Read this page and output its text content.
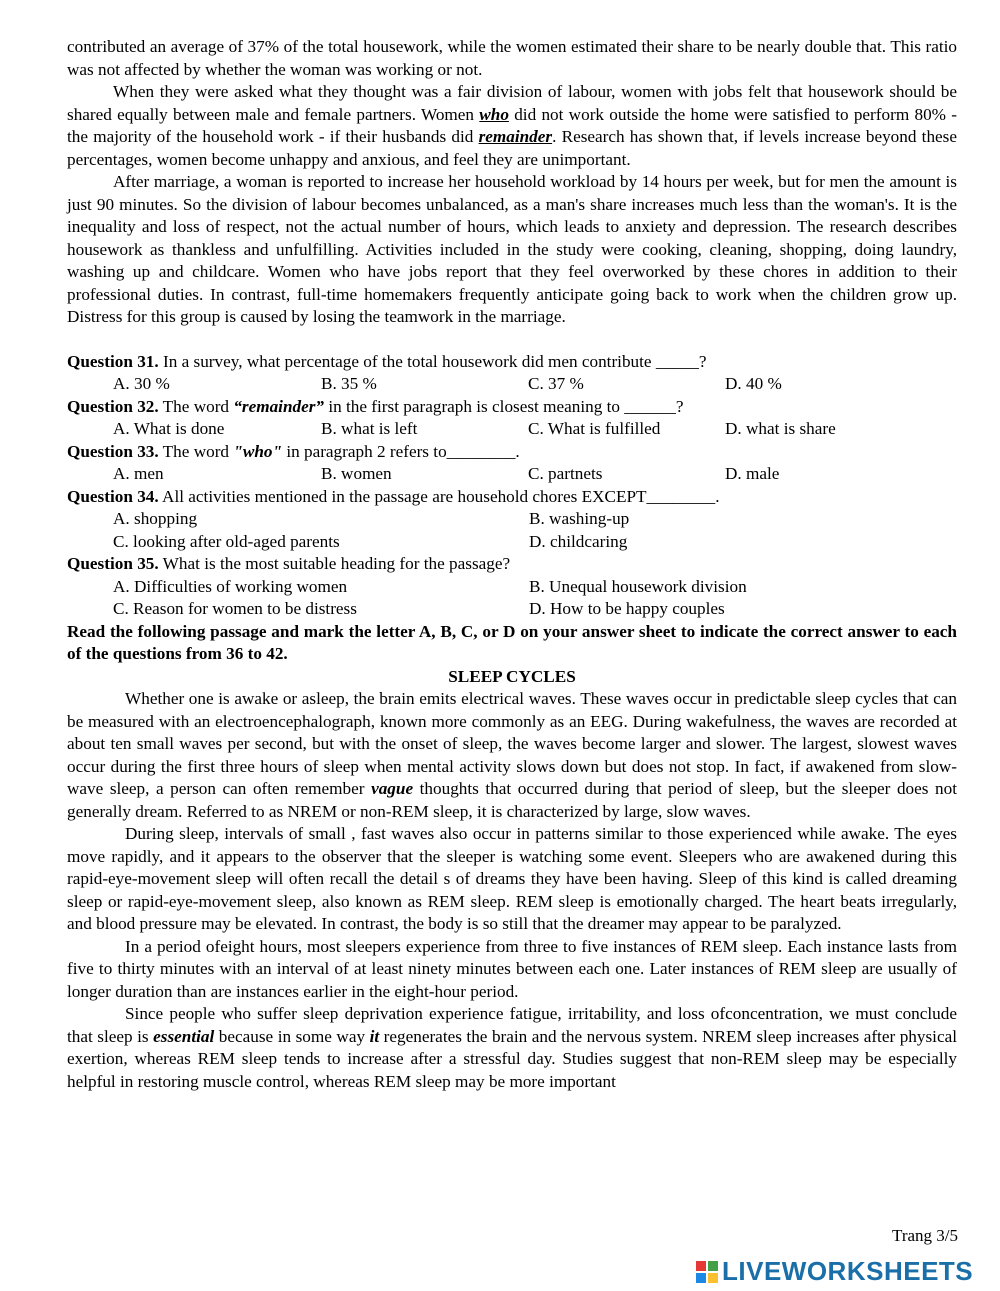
contributed an average of 37% of the total housework, while the women estimated their share to be nearly double that. This ratio was not affected by whether the woman was working or not.

When they were asked what they thought was a fair division of labour, women with jobs felt that housework should be shared equally between male and female partners. Women who did not work outside the home were satisfied to perform 80% - the majority of the household work - if their husbands did remainder. Research has shown that, if levels increase beyond these percentages, women become unhappy and anxious, and feel they are unimportant.

After marriage, a woman is reported to increase her household workload by 14 hours per week, but for men the amount is just 90 minutes. So the division of labour becomes unbalanced, as a man's share increases much less than the woman's. It is the inequality and loss of respect, not the actual number of hours, which leads to anxiety and depression. The research describes housework as thankless and unfulfilling. Activities included in the study were cooking, cleaning, shopping, doing laundry, washing up and childcare. Women who have jobs report that they feel overworked by these chores in addition to their professional duties. In contrast, full-time homemakers frequently anticipate going back to work when the children grow up. Distress for this group is caused by losing the teamwork in the marriage.

Question 31. In a survey, what percentage of the total housework did men contribute _____?

A. 30 %	B. 35 %	C. 37 %	D. 40 %

Question 32. The word “remainder” in the first paragraph is closest meaning to ______?

A. What is done	B. what is left	C. What is fulfilled	D. what is share

Question 33. The word "who" in paragraph 2 refers to________.

A. men	B. women	C. partnets	D. male

Question 34. All activities mentioned in the passage are household chores EXCEPT________.

A. shopping	B. washing-up
C. looking after old-aged parents	D. childcaring

Question 35. What is the most suitable heading for the passage?

A. Difficulties of working women	B. Unequal housework division
C. Reason for women to be distress	D. How to be happy couples

Read the following passage and mark the letter A, B, C, or D on your answer sheet to indicate the correct answer to each of the questions from 36 to 42.

SLEEP CYCLES

Whether one is awake or asleep, the brain emits electrical waves. These waves occur in predictable sleep cycles that can be measured with an electroencephalograph, known more commonly as an EEG. During wakefulness, the waves are recorded at about ten small waves per second, but with the onset of sleep, the waves become larger and slower. The largest, slowest waves occur during the first three hours of sleep when mental activity slows down but does not stop. In fact, if awakened from slow-wave sleep, a person can often remember vague thoughts that occurred during that period of sleep, but the sleeper does not generally dream. Referred to as NREM or non-REM sleep, it is characterized by large, slow waves.

During sleep, intervals of small , fast waves also occur in patterns similar to those experienced while awake. The eyes move rapidly, and it appears to the observer that the sleeper is watching some event. Sleepers who are awakened during this rapid-eye-movement sleep will often recall the detail s of dreams they have been having. Sleep of this kind is called dreaming sleep or rapid-eye-movement sleep, also known as REM sleep. REM sleep is emotionally charged. The heart beats irregularly, and blood pressure may be elevated. In contrast, the body is so still that the dreamer may appear to be paralyzed.

In a period ofeight hours, most sleepers experience from three to five instances of REM sleep. Each instance lasts from five to thirty minutes with an interval of at least ninety minutes between each one. Later instances of REM sleep are usually of longer duration than are instances earlier in the eight-hour period.

Since people who suffer sleep deprivation experience fatigue, irritability, and loss ofconcentration, we must conclude that sleep is essential because in some way it regenerates the brain and the nervous system. NREM sleep increases after physical exertion, whereas REM sleep tends to increase after a stressful day. Studies suggest that non-REM sleep may be especially helpful in restoring muscle control, whereas REM sleep may be more important

Trang 3/5
LIVEWORKSHEETS
